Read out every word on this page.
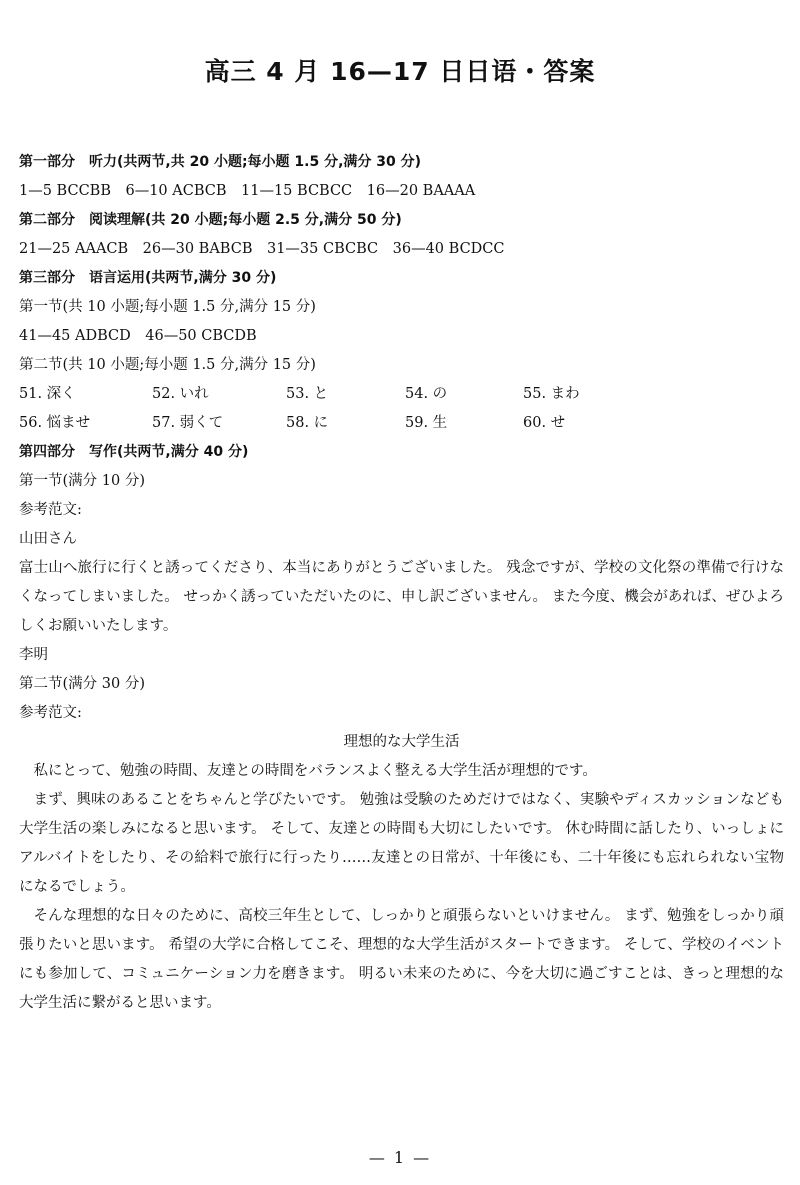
高三 4 月 16—17 日日语・答案
第一部分　听力(共两节,共 20 小题;每小题 1.5 分,满分 30 分)
1—5 BCCBB　6—10 ACBCB　11—15 BCBCC　16—20 BAAAA
第二部分　阅读理解(共 20 小题;每小题 2.5 分,满分 50 分)
21—25 AAACB　26—30 BABCB　31—35 CBCBC　36—40 BCDCC
第三部分　语言运用(共两节,满分 30 分)
第一节(共 10 小题;每小题 1.5 分,满分 15 分)
41—45 ADBCD　46—50 CBCDB
第二节(共 10 小题;每小题 1.5 分,满分 15 分)
51. 深く	52. いれ	53. と	54. の	55. まわ
56. 悩ませ	57. 弱くて	58. に	59. 生	60. せ
第四部分　写作(共两节,满分 40 分)
第一节(满分 10 分)
参考范文:
山田さん
富士山へ旅行に行くと誘ってくださり、本当にありがとうございました。 残念ですが、学校の文化祭の準備で行けなくなってしまいました。 せっかく誘っていただいたのに、申し訳ございません。 また今度、機会があれば、ぜひよろしくお願いいたします。
李明
第二节(满分 30 分)
参考范文:
理想的な大学生活
私にとって、勉強の時間、友達との時間をバランスよく整える大学生活が理想的です。
まず、興味のあることをちゃんと学びたいです。 勉強は受験のためだけではなく、実験やディスカッションなども大学生活の楽しみになると思います。 そして、友達との時間も大切にしたいです。 休む時間に話したり、いっしょにアルバイトをしたり、その給料で旅行に行ったり……友達との日常が、十年後にも、二十年後にも忘れられない宝物になるでしょう。
そんな理想的な日々のために、高校三年生として、しっかりと頑張らないといけません。 まず、勉強をしっかり頑張りたいと思います。 希望の大学に合格してこそ、理想的な大学生活がスタートできます。 そして、学校のイベントにも参加して、コミュニケーション力を磨きます。 明るい未来のために、今を大切に過ごすことは、きっと理想的な大学生活に繋がると思います。
— 1 —
